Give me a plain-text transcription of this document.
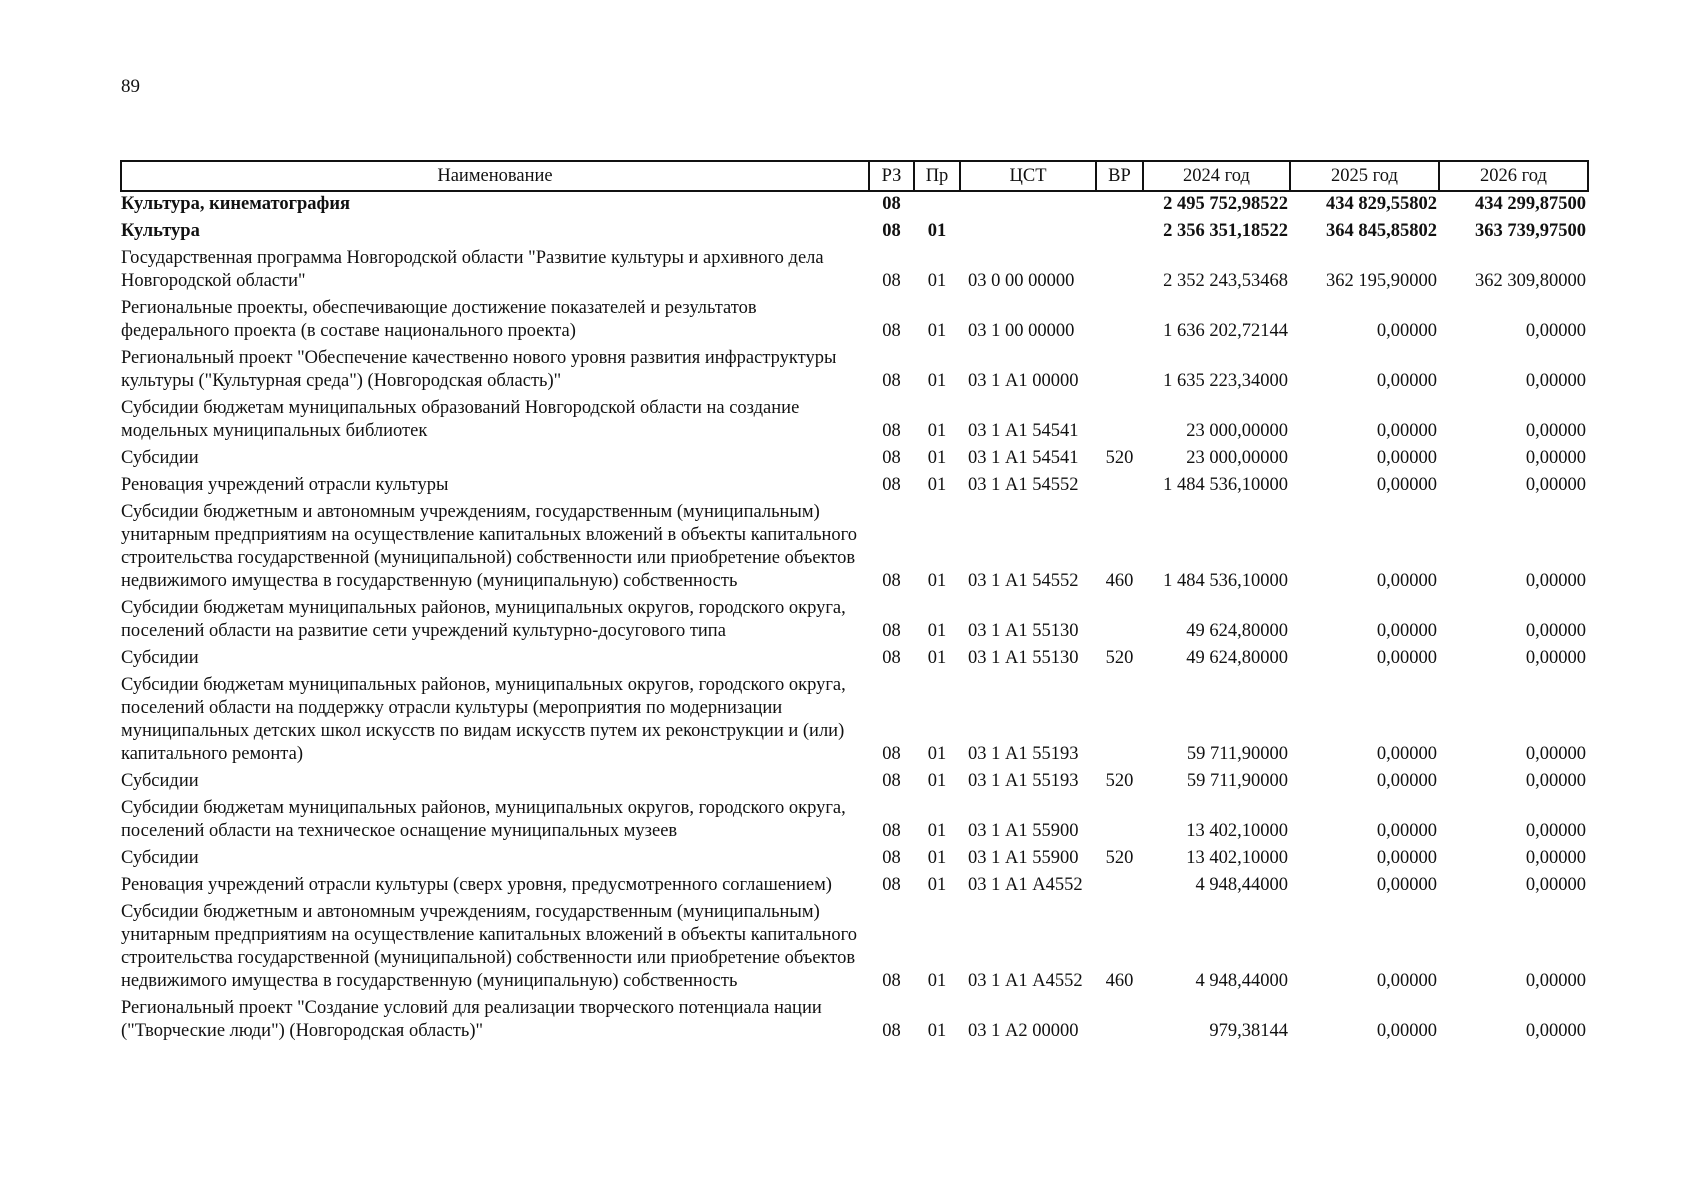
89
Наименование	РЗ	Пр	ЦСТ	ВР	2024 год	2025 год	2026 год
Культура, кинематография	08				2 495 752,98522	434 829,55802	434 299,87500
Культура	08	01			2 356 351,18522	364 845,85802	363 739,97500
Государственная программа Новгородской области "Развитие культуры и архивного дела Новгородской области"	08	01	03 0 00 00000		2 352 243,53468	362 195,90000	362 309,80000
Региональные проекты, обеспечивающие достижение показателей и результатов федерального проекта (в составе национального проекта)	08	01	03 1 00 00000		1 636 202,72144	0,00000	0,00000
Региональный проект "Обеспечение качественно нового уровня развития инфраструктуры культуры ("Культурная среда") (Новгородская область)"	08	01	03 1 А1 00000		1 635 223,34000	0,00000	0,00000
Субсидии бюджетам муниципальных образований Новгородской области на создание модельных муниципальных библиотек	08	01	03 1 А1 54541		23 000,00000	0,00000	0,00000
Субсидии	08	01	03 1 А1 54541	520	23 000,00000	0,00000	0,00000
Реновация учреждений отрасли культуры	08	01	03 1 А1 54552		1 484 536,10000	0,00000	0,00000
Субсидии бюджетным и автономным учреждениям, государственным (муниципальным) унитарным предприятиям на осуществление капитальных вложений в объекты капитального строительства государственной (муниципальной) собственности или приобретение объектов недвижимого имущества в государственную (муниципальную) собственность	08	01	03 1 А1 54552	460	1 484 536,10000	0,00000	0,00000
Субсидии бюджетам муниципальных районов, муниципальных округов, городского округа, поселений области на развитие сети учреждений культурно-досугового типа	08	01	03 1 А1 55130		49 624,80000	0,00000	0,00000
Субсидии	08	01	03 1 А1 55130	520	49 624,80000	0,00000	0,00000
Субсидии бюджетам муниципальных районов, муниципальных округов, городского округа, поселений области на поддержку отрасли культуры (мероприятия по модернизации муниципальных детских школ искусств по видам искусств путем их реконструкции и (или) капитального ремонта)	08	01	03 1 А1 55193		59 711,90000	0,00000	0,00000
Субсидии	08	01	03 1 А1 55193	520	59 711,90000	0,00000	0,00000
Субсидии бюджетам муниципальных районов, муниципальных округов, городского округа, поселений области на техническое оснащение муниципальных музеев	08	01	03 1 А1 55900		13 402,10000	0,00000	0,00000
Субсидии	08	01	03 1 А1 55900	520	13 402,10000	0,00000	0,00000
Реновация учреждений отрасли культуры (сверх уровня, предусмотренного соглашением)	08	01	03 1 А1 А4552		4 948,44000	0,00000	0,00000
Субсидии бюджетным и автономным учреждениям, государственным (муниципальным) унитарным предприятиям на осуществление капитальных вложений в объекты капитального строительства государственной (муниципальной) собственности или приобретение объектов недвижимого имущества в государственную (муниципальную) собственность	08	01	03 1 А1 А4552	460	4 948,44000	0,00000	0,00000
Региональный проект "Создание условий для реализации творческого потенциала нации ("Творческие люди") (Новгородская область)"	08	01	03 1 А2 00000		979,38144	0,00000	0,00000
